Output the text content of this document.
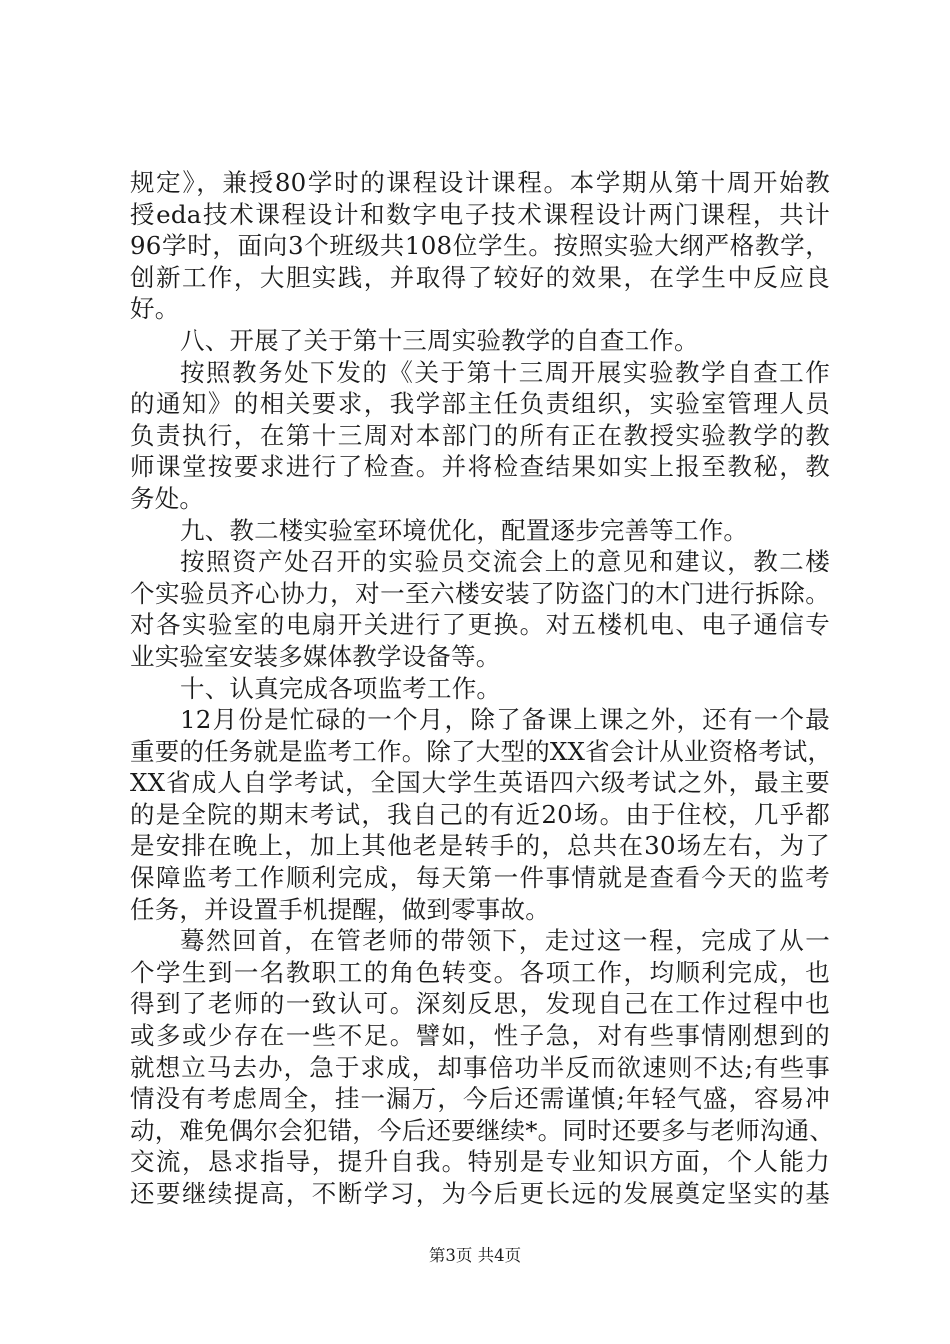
规定》，兼授80学时的课程设计课程。本学期从第十周开始教
授eda技术课程设计和数字电子技术课程设计两门课程，共计
96学时，面向3个班级共108位学生。按照实验大纲严格教学，
创新工作，大胆实践，并取得了较好的效果，在学生中反应良
好。
八、开展了关于第十三周实验教学的自查工作。
按照教务处下发的《关于第十三周开展实验教学自查工作
的通知》的相关要求，我学部主任负责组织，实验室管理人员
负责执行，在第十三周对本部门的所有正在教授实验教学的教
师课堂按要求进行了检查。并将检查结果如实上报至教秘，教
务处。
九、教二楼实验室环境优化，配置逐步完善等工作。
按照资产处召开的实验员交流会上的意见和建议，教二楼
个实验员齐心协力，对一至六楼安装了防盗门的木门进行拆除。
对各实验室的电扇开关进行了更换。对五楼机电、电子通信专
业实验室安装多媒体教学设备等。
十、认真完成各项监考工作。
12月份是忙碌的一个月，除了备课上课之外，还有一个最
重要的任务就是监考工作。除了大型的XX省会计从业资格考试，
XX省成人自学考试，全国大学生英语四六级考试之外，最主要
的是全院的期末考试，我自己的有近20场。由于住校，几乎都
是安排在晚上，加上其他老是转手的，总共在30场左右，为了
保障监考工作顺利完成，每天第一件事情就是查看今天的监考
任务，并设置手机提醒，做到零事故。
蓦然回首，在管老师的带领下，走过这一程，完成了从一
个学生到一名教职工的角色转变。各项工作，均顺利完成，也
得到了老师的一致认可。深刻反思，发现自己在工作过程中也
或多或少存在一些不足。譬如，性子急，对有些事情刚想到的
就想立马去办，急于求成，却事倍功半反而欲速则不达;有些事
情没有考虑周全，挂一漏万，今后还需谨慎;年轻气盛，容易冲
动，难免偶尔会犯错，今后还要继续*。同时还要多与老师沟通、
交流，恳求指导，提升自我。特别是专业知识方面，个人能力
还要继续提高，不断学习，为今后更长远的发展奠定坚实的基
第3页 共4页
